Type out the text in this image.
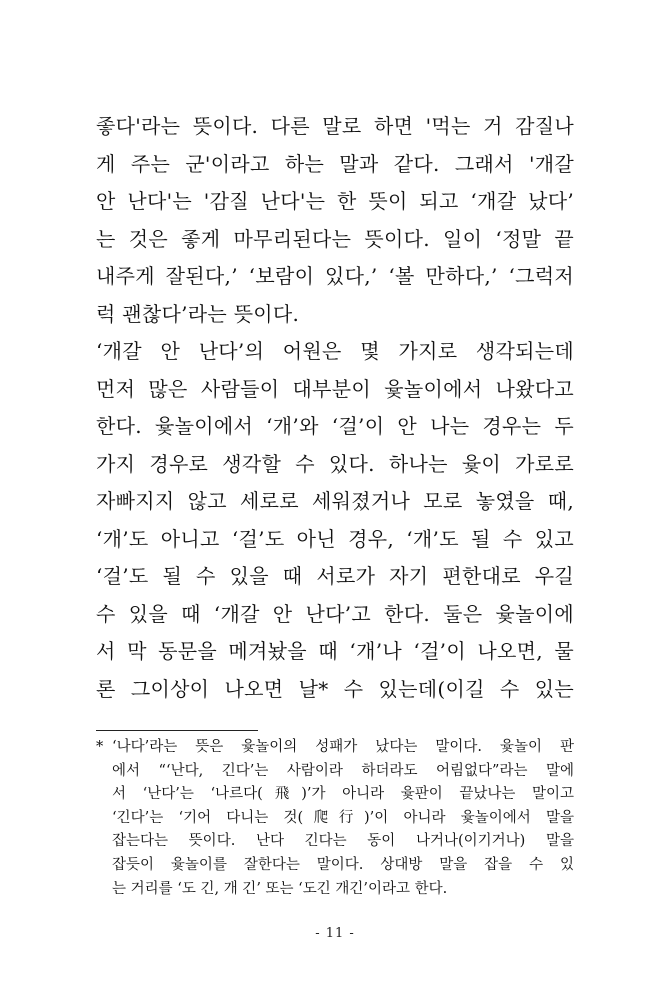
좋다'라는 뜻이다. 다른 말로 하면 '먹는 거 감질나
게 주는 군'이라고 하는 말과 같다. 그래서 '개갈
안 난다'는 '감질 난다'는 한 뜻이 되고 ‘개갈 났다’
는 것은 좋게 마무리된다는 뜻이다. 일이 ‘정말 끝
내주게 잘된다,’ ‘보람이 있다,’ ‘볼 만하다,’ ‘그럭저
럭 괜찮다’라는 뜻이다.
‘개갈 안 난다’의 어원은 몇 가지로 생각되는데
먼저 많은 사람들이 대부분이 윷놀이에서 나왔다고
한다. 윷놀이에서 ‘개’와 ‘걸’이 안 나는 경우는 두
가지 경우로 생각할 수 있다. 하나는 윷이 가로로
자빠지지 않고 세로로 세워졌거나 모로 놓였을 때,
‘개’도 아니고 ‘걸’도 아닌 경우, ‘개’도 될 수 있고
‘걸’도 될 수 있을 때 서로가 자기 편한대로 우길
수 있을 때 ‘개갈 안 난다’고 한다. 둘은 윷놀이에
서 막 동문을 메겨놨을 때 ‘개’나 ‘걸’이 나오면, 물
론 그이상이 나오면 날* 수 있는데(이길 수 있는
* ‘나다’라는 뜻은 윷놀이의 성패가 났다는 말이다. 윷놀이 판
에서 “‘난다, 긴다’는 사람이라 하더라도 어림없다”라는 말에
서 ‘난다’는 ‘나르다(飛)’가 아니라 윷판이 끝났나는 말이고
‘긴다’는 ‘기어 다니는 것(爬行)’이 아니라 윷놀이에서 말을
잡는다는 뜻이다. 난다 긴다는 동이 나거나(이기거나) 말을
잡듯이 윷놀이를 잘한다는 말이다. 상대방 말을 잡을 수 있
는 거리를 ‘도 긴, 개 긴’ 또는 ‘도긴 개긴’이라고 한다.
- 11 -
